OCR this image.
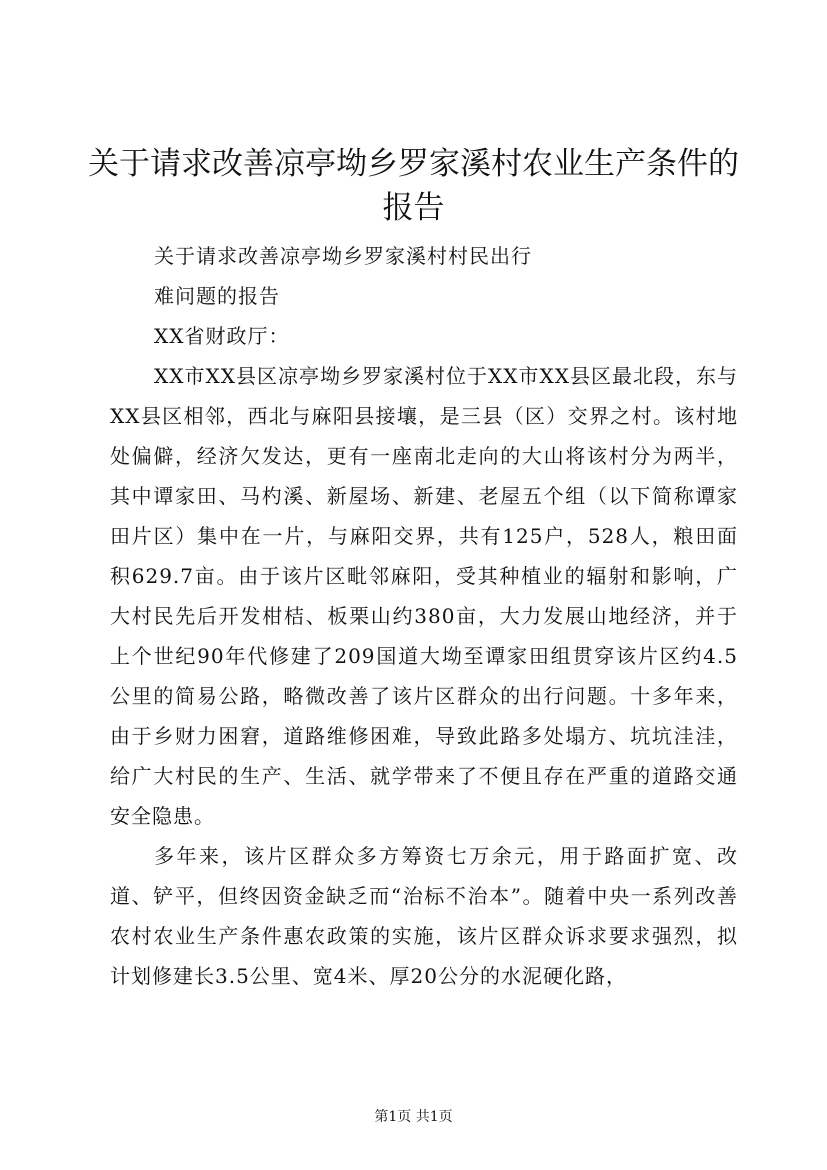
关于请求改善凉亭坳乡罗家溪村农业生产条件的报告

关于请求改善凉亭坳乡罗家溪村村民出行

难问题的报告

XX省财政厅：

XX市XX县区凉亭坳乡罗家溪村位于XX市XX县区最北段，东与XX县区相邻，西北与麻阳县接壤，是三县（区）交界之村。该村地处偏僻，经济欠发达，更有一座南北走向的大山将该村分为两半，其中谭家田、马杓溪、新屋场、新建、老屋五个组（以下简称谭家田片区）集中在一片，与麻阳交界，共有125户，528人，粮田面积629.7亩。由于该片区毗邻麻阳，受其种植业的辐射和影响，广大村民先后开发柑桔、板栗山约380亩，大力发展山地经济，并于上个世纪90年代修建了209国道大坳至谭家田组贯穿该片区约4.5公里的简易公路，略微改善了该片区群众的出行问题。十多年来，由于乡财力困窘，道路维修困难，导致此路多处塌方、坑坑洼洼，给广大村民的生产、生活、就学带来了不便且存在严重的道路交通安全隐患。

多年来，该片区群众多方筹资七万余元，用于路面扩宽、改道、铲平，但终因资金缺乏而“治标不治本”。随着中央一系列改善农村农业生产条件惠农政策的实施，该片区群众诉求要求强烈，拟计划修建长3.5公里、宽4米、厚20公分的水泥硬化路，

第1页 共1页
